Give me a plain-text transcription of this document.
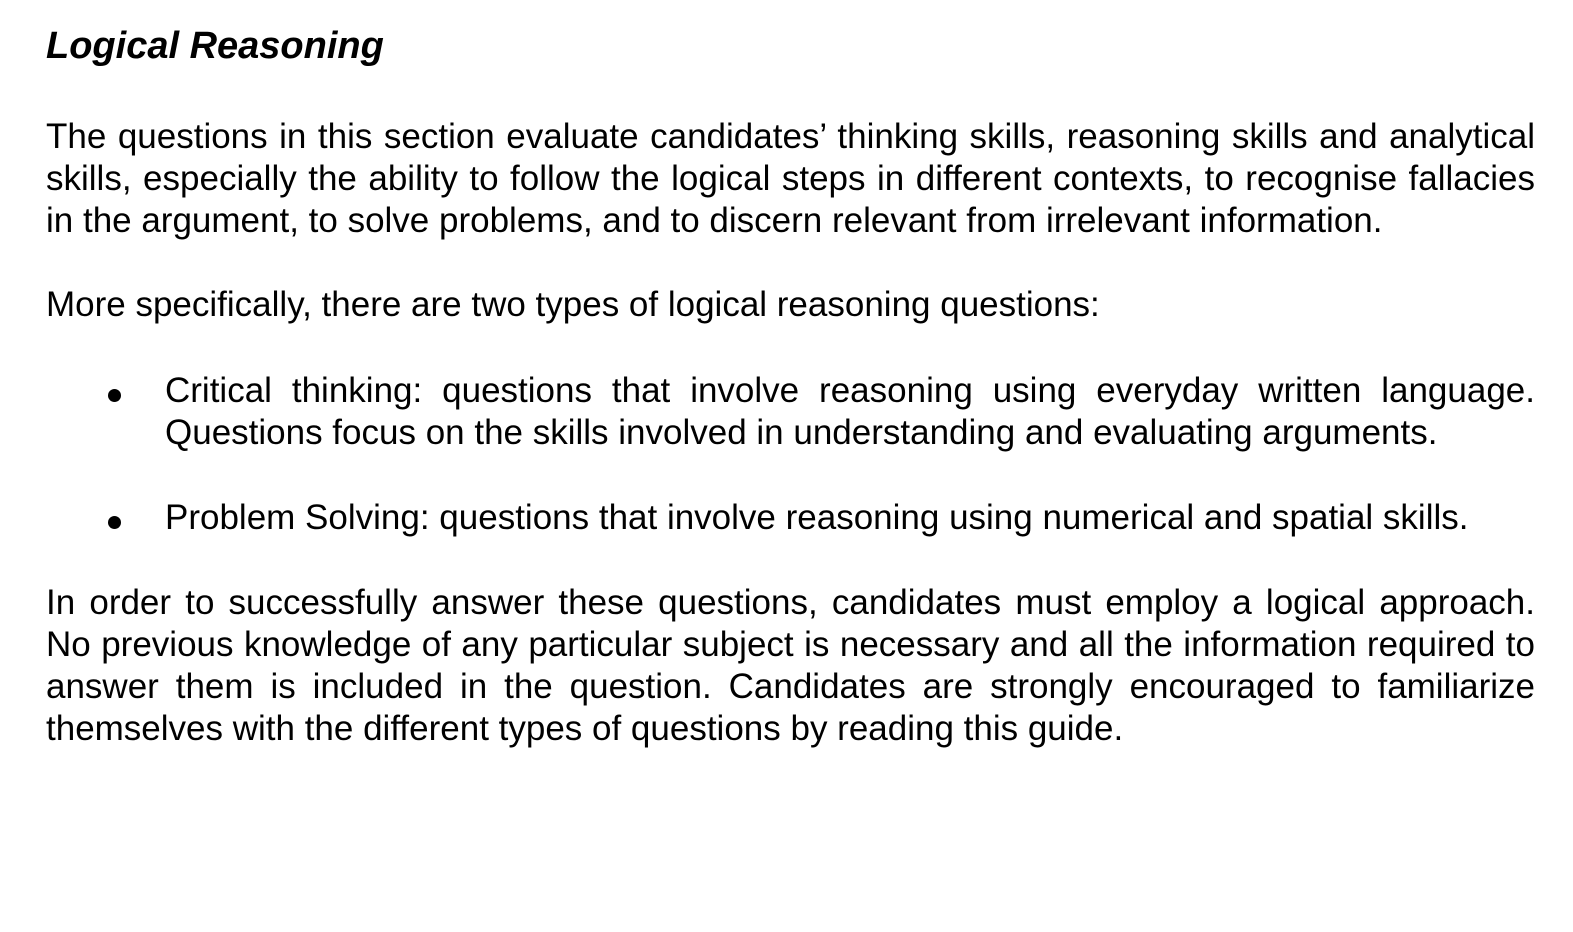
Logical Reasoning

The questions in this section evaluate candidates’ thinking skills, reasoning skills and analytical skills, especially the ability to follow the logical steps in different contexts, to recognise fallacies in the argument, to solve problems, and to discern relevant from irrelevant information.

More specifically, there are two types of logical reasoning questions:

Critical thinking: questions that involve reasoning using everyday written language. Questions focus on the skills involved in understanding and evaluating arguments.
Problem Solving: questions that involve reasoning using numerical and spatial skills.

In order to successfully answer these questions, candidates must employ a logical approach. No previous knowledge of any particular subject is necessary and all the information required to answer them is included in the question. Candidates are strongly encouraged to familiarize themselves with the different types of questions by reading this guide.
